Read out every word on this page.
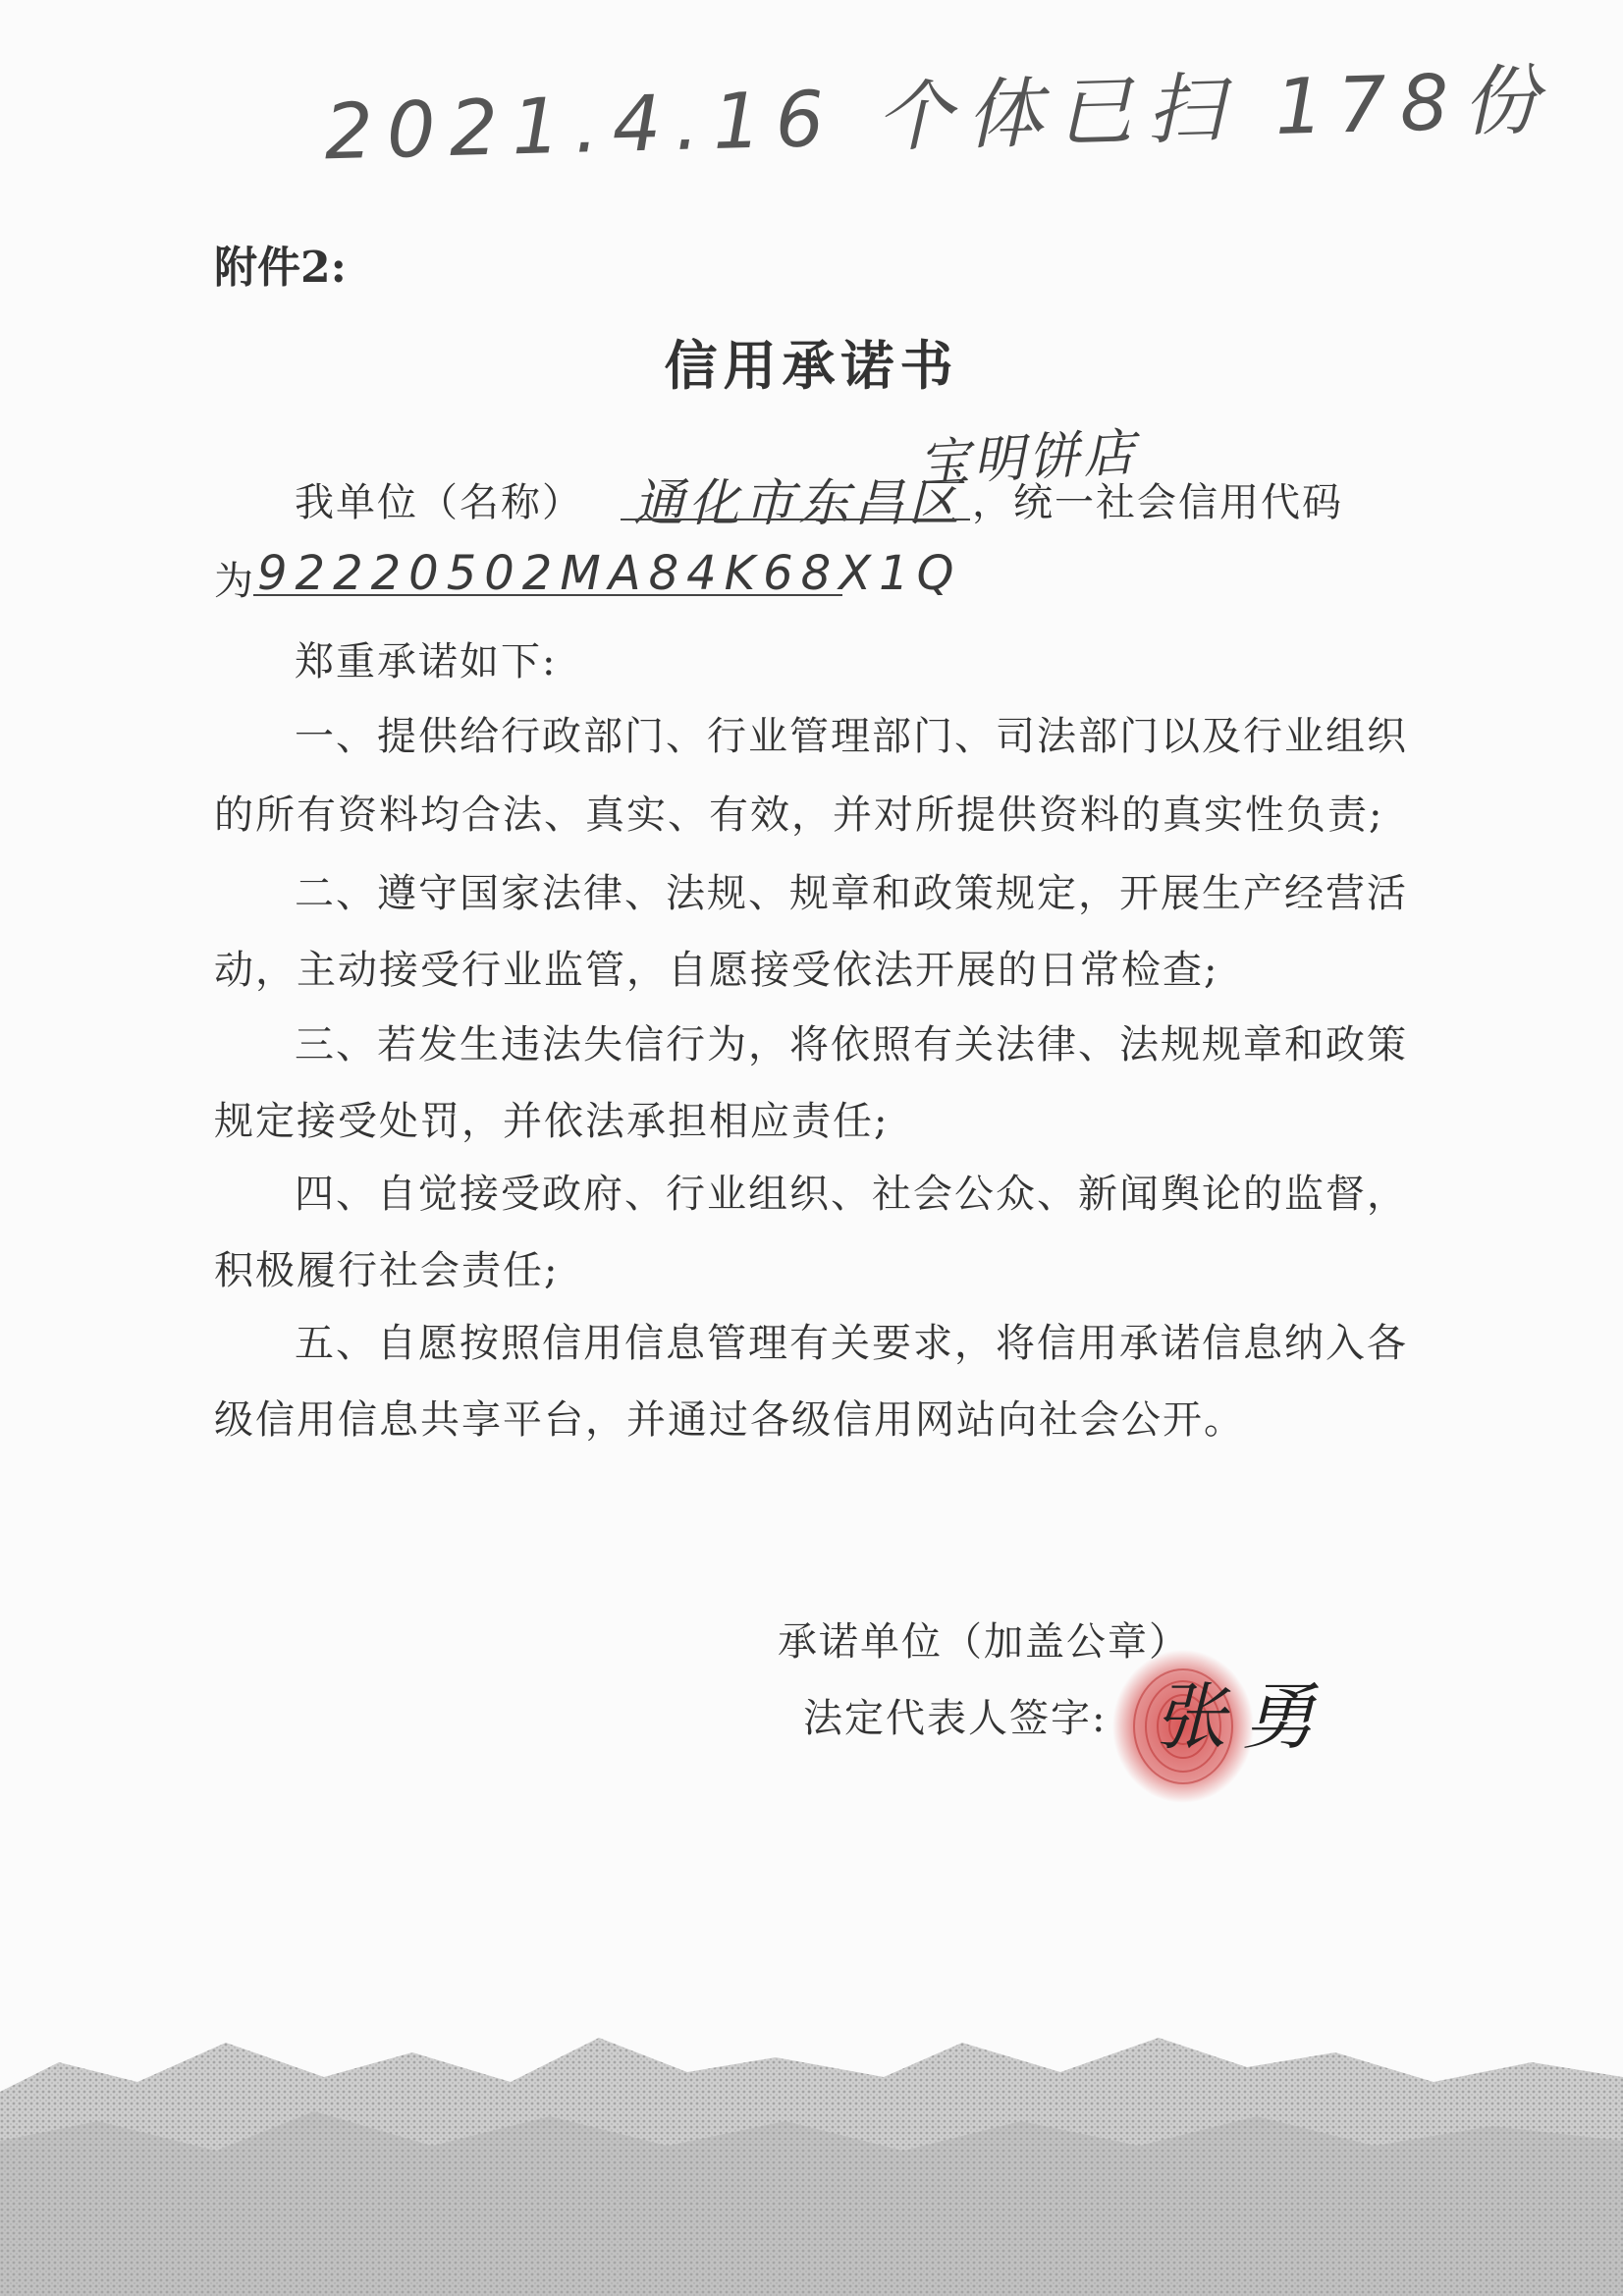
2021.4.16 个体已扫 178份
附件2:
信用承诺书
我单位（名称） 通化市东昌区
宝明饼店
，统一社会信用代码
为 92220502MA84K68X1Q
郑重承诺如下:
一、提供给行政部门、行业管理部门、司法部门以及行业组织
的所有资料均合法、真实、有效，并对所提供资料的真实性负责;
二、遵守国家法律、法规、规章和政策规定，开展生产经营活
动，主动接受行业监管，自愿接受依法开展的日常检查;
三、若发生违法失信行为，将依照有关法律、法规规章和政策
规定接受处罚，并依法承担相应责任;
四、自觉接受政府、行业组织、社会公众、新闻舆论的监督，
积极履行社会责任;
五、自愿按照信用信息管理有关要求，将信用承诺信息纳入各
级信用信息共享平台，并通过各级信用网站向社会公开。
承诺单位（加盖公章）
法定代表人签字: 张勇
